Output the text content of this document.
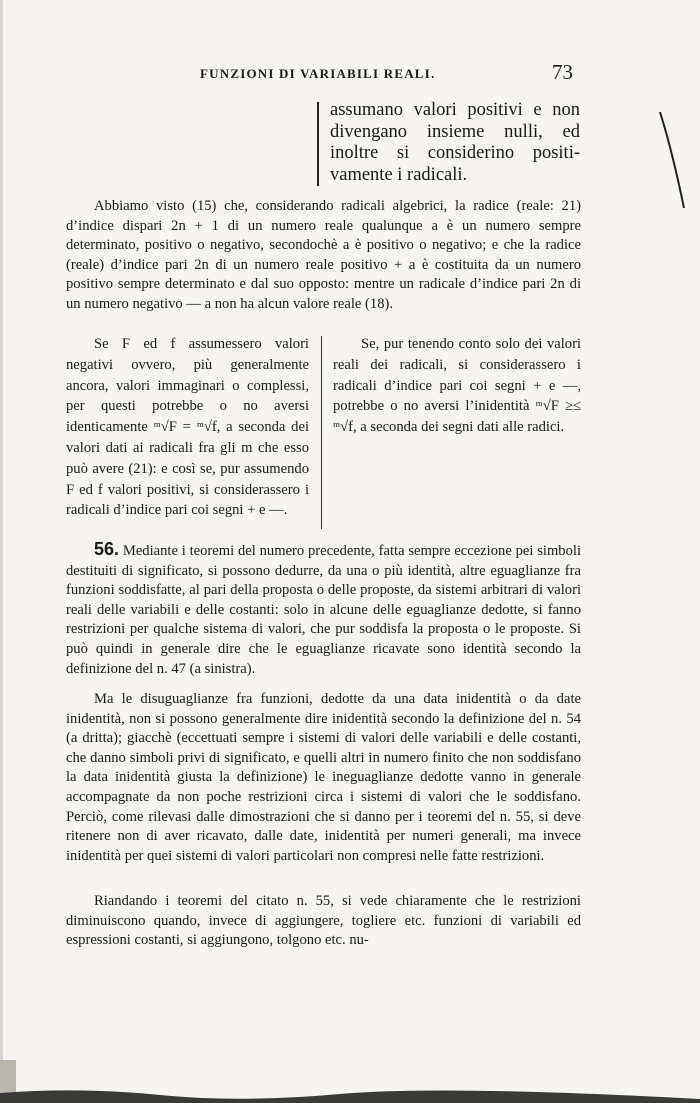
FUNZIONI DI VARIABILI REALI.	73
assumano valori positivi e non divengano insieme nulli, ed inoltre si considerino positivamente i radicali.
Abbiamo visto (15) che, considerando radicali algebrici, la radice (reale: 21) d’indice dispari 2n + 1 di un numero reale qualunque a è un numero sempre determinato, positivo o negativo, secondochè a è positivo o negativo; e che la radice (reale) d’indice pari 2n di un numero reale positivo + a è costituita da un numero positivo sempre determinato e dal suo opposto: mentre un radicale d’indice pari 2n di un numero negativo — a non ha alcun valore reale (18).
Se F ed f assumessero valori negativi ovvero, più generalmente ancora, valori immaginari o complessi, per questi potrebbe o no aversi identicamente ᵐ√F = ᵐ√f, a seconda dei valori dati ai radicali fra gli m che esso può avere (21): e così se, pur assumendo F ed f valori positivi, si considerassero i radicali d’indice pari coi segni + e —.
Se, pur tenendo conto solo dei valori reali dei radicali, si considerassero i radicali d’indice pari coi segni + e —, potrebbe o no aversi l’inidentità ᵐ√F ≥≤ ᵐ√f, a seconda dei segni dati alle radici.
56. Mediante i teoremi del numero precedente, fatta sempre eccezione pei simboli destituiti di significato, si possono dedurre, da una o più identità, altre eguaglianze fra funzioni soddisfatte, al pari della proposta o delle proposte, da sistemi arbitrari di valori reali delle variabili e delle costanti: solo in alcune delle eguaglianze dedotte, si fanno restrizioni per qualche sistema di valori, che pur soddisfa la proposta o le proposte. Si può quindi in generale dire che le eguaglianze ricavate sono identità secondo la definizione del n. 47 (a sinistra).
Ma le disuguaglianze fra funzioni, dedotte da una data inidentità o da date inidentità, non si possono generalmente dire inidentità secondo la definizione del n. 54 (a dritta); giacchè (eccettuati sempre i sistemi di valori delle variabili e delle costanti, che danno simboli privi di significato, e quelli altri in numero finito che non soddisfano la data inidentità giusta la definizione) le ineguaglianze dedotte vanno in generale accompagnate da non poche restrizioni circa i sistemi di valori che le soddisfano. Perciò, come rilevasi dalle dimostrazioni che si danno per i teoremi del n. 55, si deve ritenere non di aver ricavato, dalle date, inidentità per numeri generali, ma invece inidentità per quei sistemi di valori particolari non compresi nelle fatte restrizioni.
Riandando i teoremi del citato n. 55, si vede chiaramente che le restrizioni diminuiscono quando, invece di aggiungere, togliere etc. funzioni di variabili ed espressioni costanti, si aggiungono, tolgono etc. nu-
